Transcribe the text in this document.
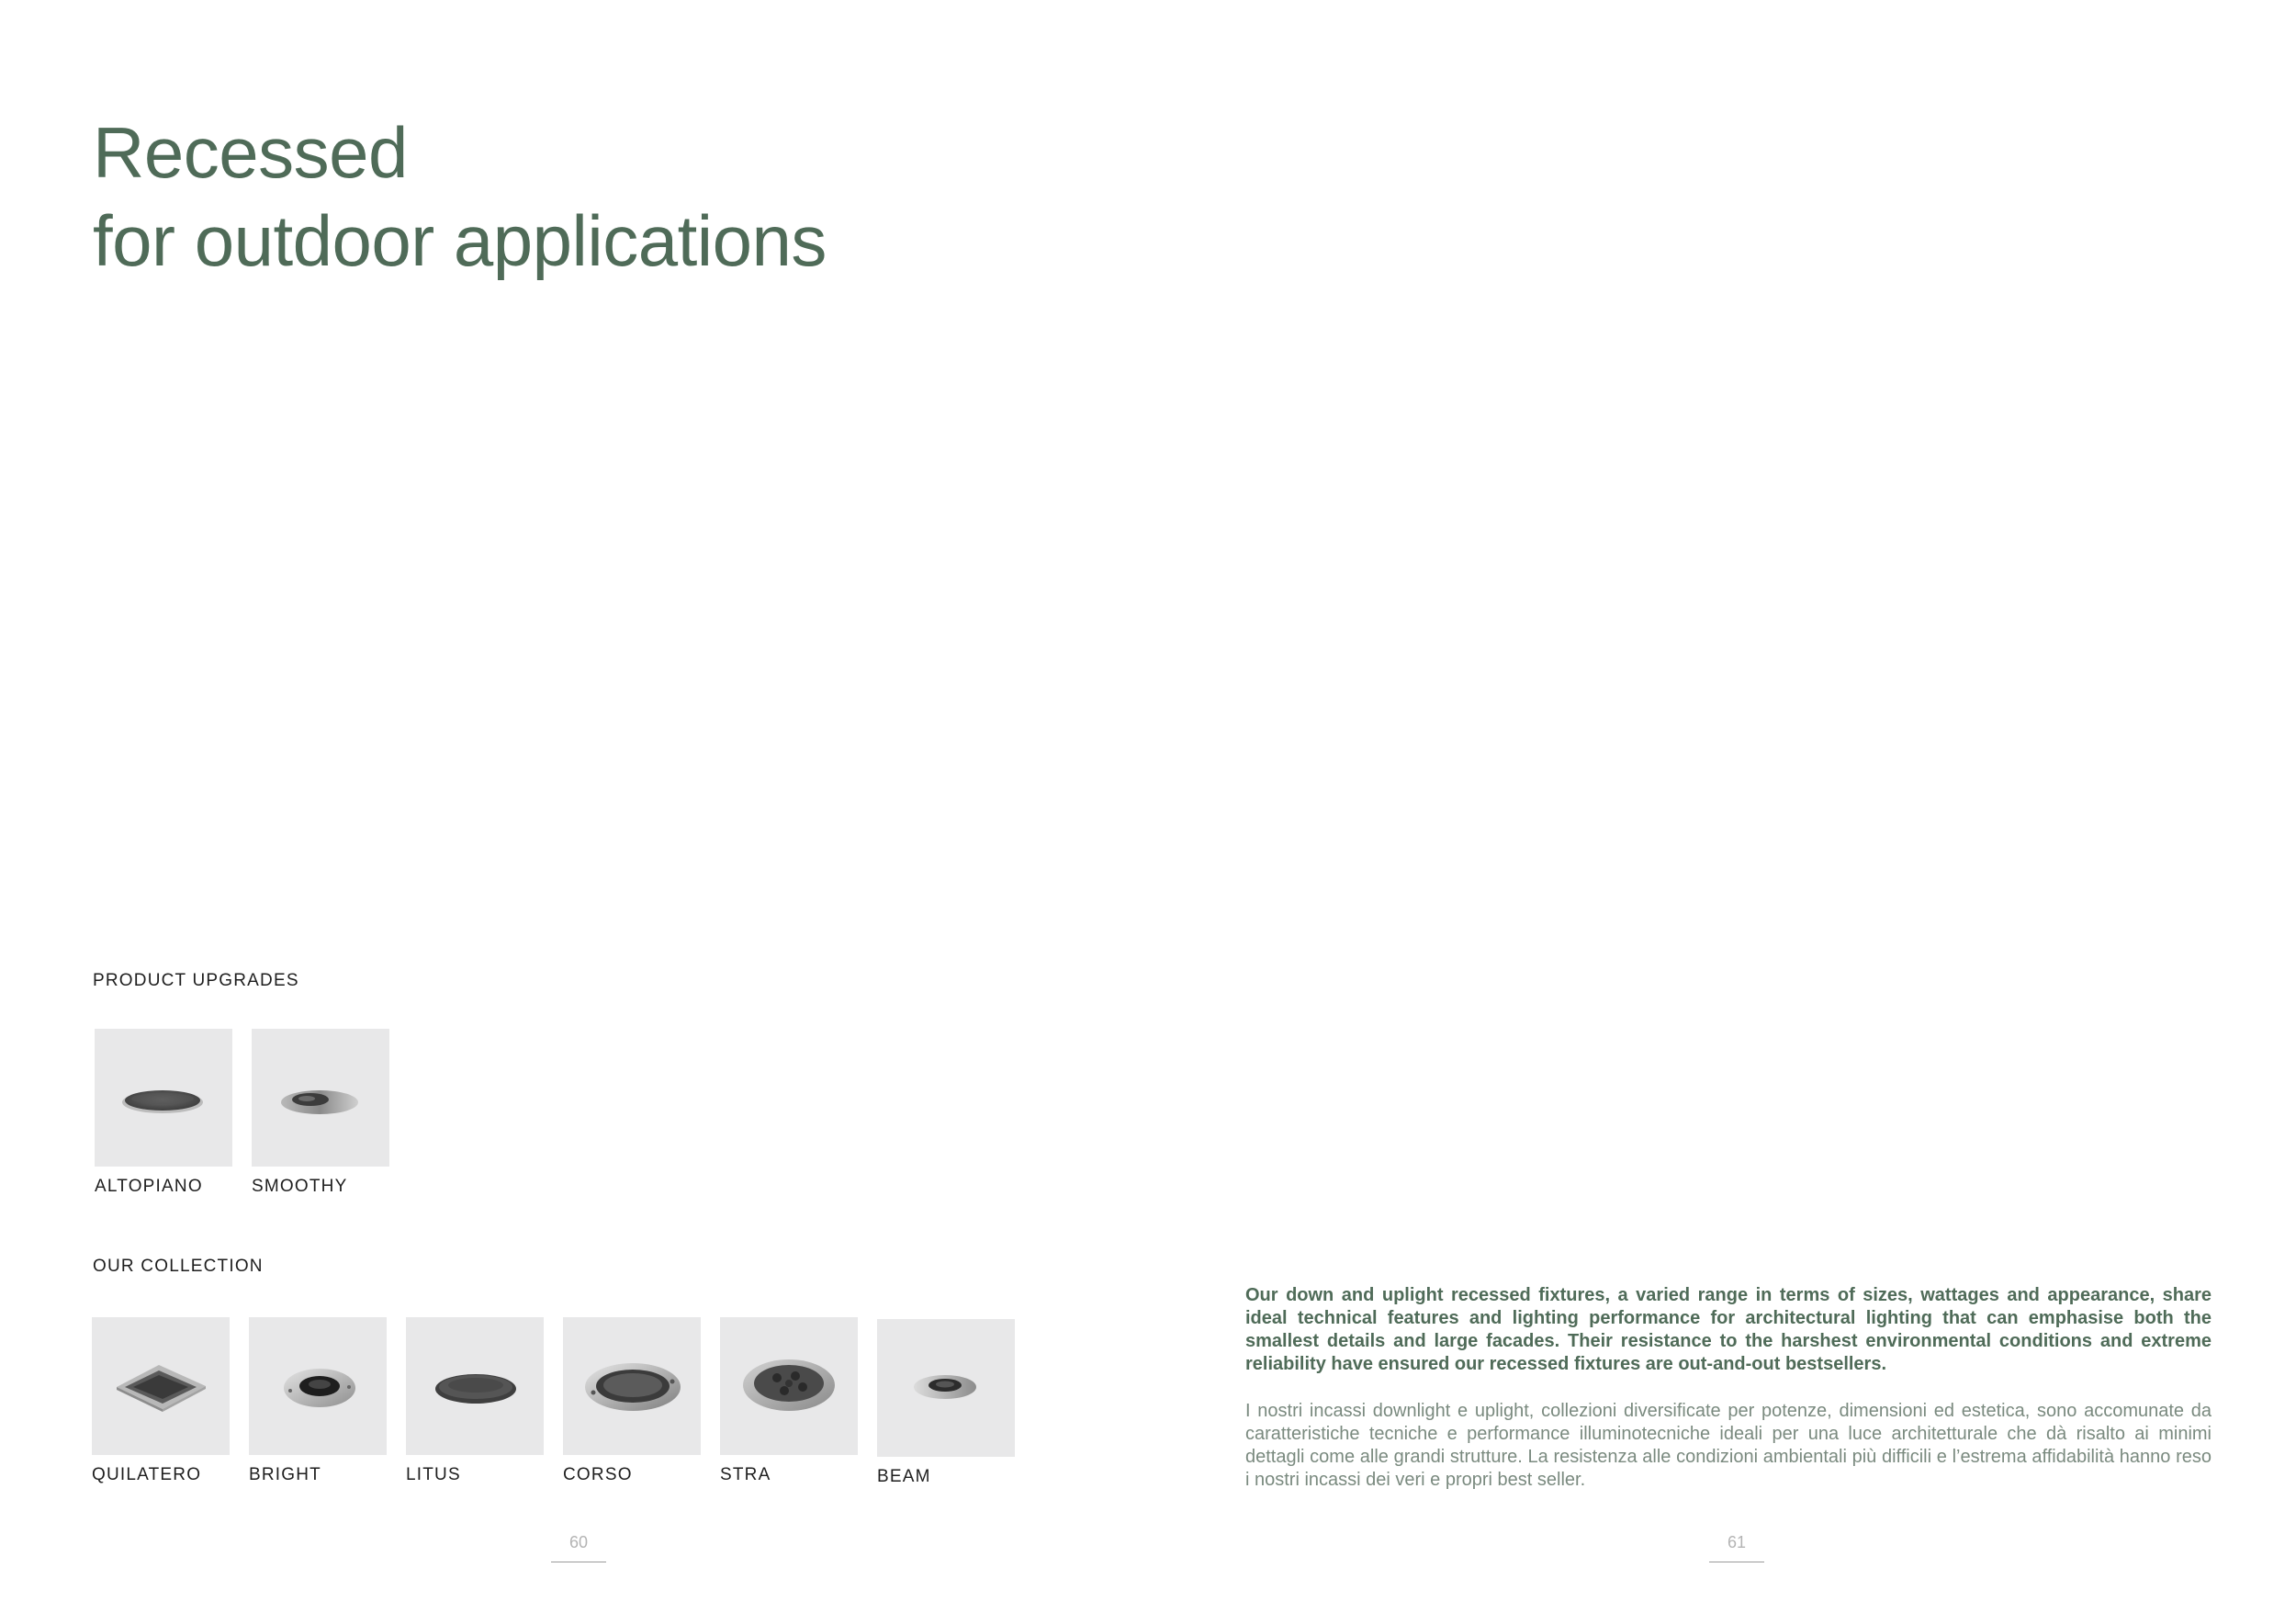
Recessed
for outdoor applications

PRODUCT UPGRADES

ALTOPIANO	SMOOTHY

OUR COLLECTION

QUILATERO	BRIGHT	LITUS	CORSO	STRA	BEAM

Our down and uplight recessed fixtures, a varied range in terms of sizes, wattages and appearance, share ideal technical features and lighting performance for architectural lighting that can emphasise both the smallest details and large facades. Their resistance to the harshest environmental conditions and extreme reliability have ensured our recessed fixtures are out-and-out bestsellers.

I nostri incassi downlight e uplight, collezioni diversificate per potenze, dimensioni ed estetica, sono accomunate da caratteristiche tecniche e performance illuminotecniche ideali per una luce architetturale che dà risalto ai minimi dettagli come alle grandi strutture. La resistenza alle condizioni ambientali più difficili e l’estrema affidabilità hanno reso i nostri incassi dei veri e propri best seller.

60	61
